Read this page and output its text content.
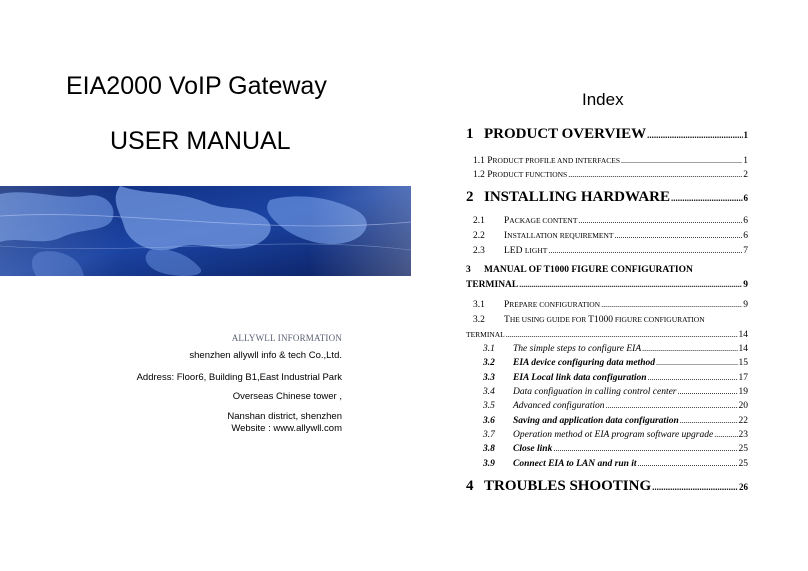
EIA2000 VoIP Gateway
USER MANUAL
ALLYWLL INFORMATION
shenzhen allywll info & tech Co.,Ltd.
Address: Floor6, Building B1,East Industrial Park
Overseas Chinese tower ,
Nanshan district, shenzhen
Website : www.allywll.com
Index
1 PRODUCT OVERVIEW .....	1
1.1 PRODUCT PROFILE AND INTERFACES .....	1
1.2 PRODUCT FUNCTIONS .....	2
2 INSTALLING HARDWARE .....	6
2.1 PACKAGE CONTENT .....	6
2.2 INSTALLATION REQUIREMENT .....	6
2.3 LED LIGHT .....	7
3 MANUAL OF T1000 FIGURE CONFIGURATION
TERMINAL .....	9
3.1 PREPARE CONFIGURATION .....	9
3.2 THE USING GUIDE FOR T1000 FIGURE CONFIGURATION
TERMINAL .....	14
3.1 The simple steps to configure EIA .....	14
3.2 EIA device configuring data method .....	15
3.3 EIA Local link data configuration .....	17
3.4 Data configuation in calling control center .....	19
3.5 Advanced configuration .....	20
3.6 Saving and application data configuration .....	22
3.7 Operation method ot EIA program software upgrade .....	23
3.8 Close link .....	25
3.9 Connect EIA to LAN and run it .....	25
4 TROUBLES SHOOTING .....	26
